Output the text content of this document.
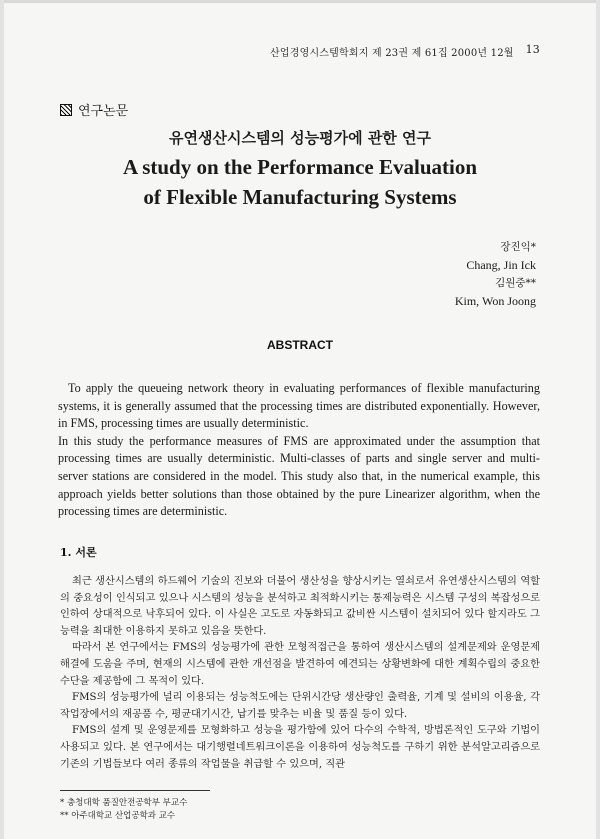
산업경영시스템학회지 제 23권 제 61집 2000년 12월 13
연구논문
유연생산시스템의 성능평가에 관한 연구
A study on the Performance Evaluation
of Flexible Manufacturing Systems
장진익*
Chang, Jin Ick
김원중**
Kim, Won Joong
ABSTRACT

To apply the queueing network theory in evaluating performances of flexible manufacturing systems, it is generally assumed that the processing times are distributed exponentially. However, in FMS, processing times are usually deterministic.

In this study the performance measures of FMS are approximated under the assumption that processing times are usually deterministic. Multi-classes of parts and single server and multi-server stations are considered in the model. This study also that, in the numerical example, this approach yields better solutions than those obtained by the pure Linearizer algorithm, when the processing times are deterministic.

1. 서론

최근 생산시스템의 하드웨어 기술의 진보와 더불어 생산성을 향상시키는 열쇠로서 유연생산시스템의 역할의 중요성이 인식되고 있으나 시스템의 성능을 분석하고 최적화시키는 통제능력은 시스템 구성의 복잡성으로 인하여 상대적으로 낙후되어 있다. 이 사실은 고도로 자동화되고 값비싼 시스템이 설치되어 있다 할지라도 그 능력을 최대한 이용하지 못하고 있음을 뜻한다.

따라서 본 연구에서는 FMS의 성능평가에 관한 모형적접근을 통하여 생산시스템의 설계문제와 운영문제 해결에 도움을 주며, 현재의 시스템에 관한 개선점을 발견하여 예견되는 상황변화에 대한 계획수립의 중요한 수단을 제공함에 그 목적이 있다.

FMS의 성능평가에 널리 이용되는 성능척도에는 단위시간당 생산량인 출력율, 기계 및 설비의 이용율, 각 작업장에서의 재공품 수, 평균대기시간, 납기를 맞추는 비율 및 품질 등이 있다.

FMS의 설계 및 운영문제를 모형화하고 성능을 평가함에 있어 다수의 수학적, 방법론적인 도구와 기법이 사용되고 있다. 본 연구에서는 대기행렬네트워크이론을 이용하여 성능척도를 구하기 위한 분석알고리즘으로 기존의 기법들보다 여러 종류의 작업물을 취급할 수 있으며, 직관

* 충청대학 품질안전공학부 부교수
** 아주대학교 산업공학과 교수
